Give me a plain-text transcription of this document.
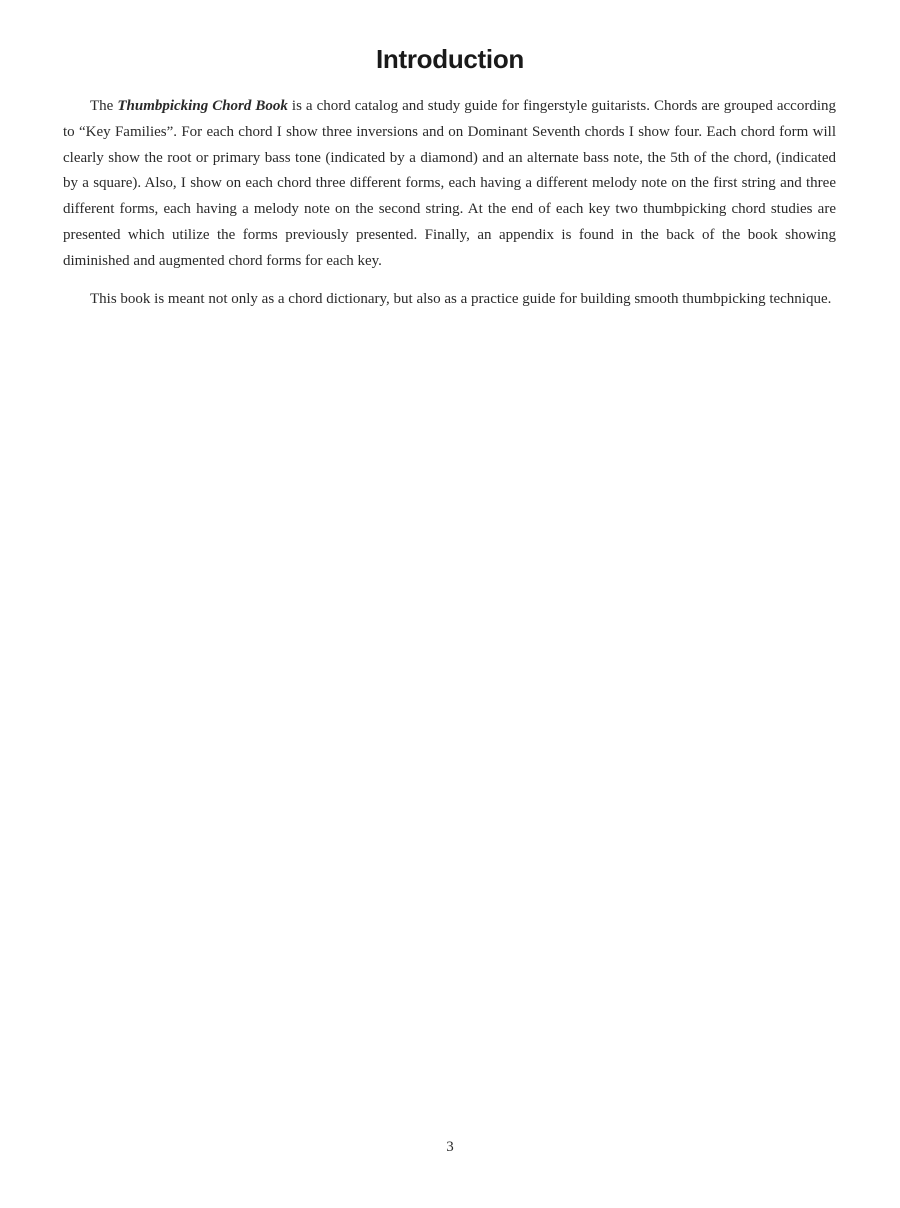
Introduction

The Thumbpicking Chord Book is a chord catalog and study guide for fingerstyle guitarists. Chords are grouped according to “Key Families”. For each chord I show three inversions and on Dominant Seventh chords I show four. Each chord form will clearly show the root or primary bass tone (indicated by a diamond) and an alternate bass note, the 5th of the chord, (indicated by a square). Also, I show on each chord three different forms, each having a different melody note on the first string and three different forms, each having a melody note on the second string. At the end of each key two thumbpicking chord studies are presented which utilize the forms previously presented. Finally, an appendix is found in the back of the book showing diminished and augmented chord forms for each key.

This book is meant not only as a chord dictionary, but also as a practice guide for building smooth thumbpicking technique.

3
